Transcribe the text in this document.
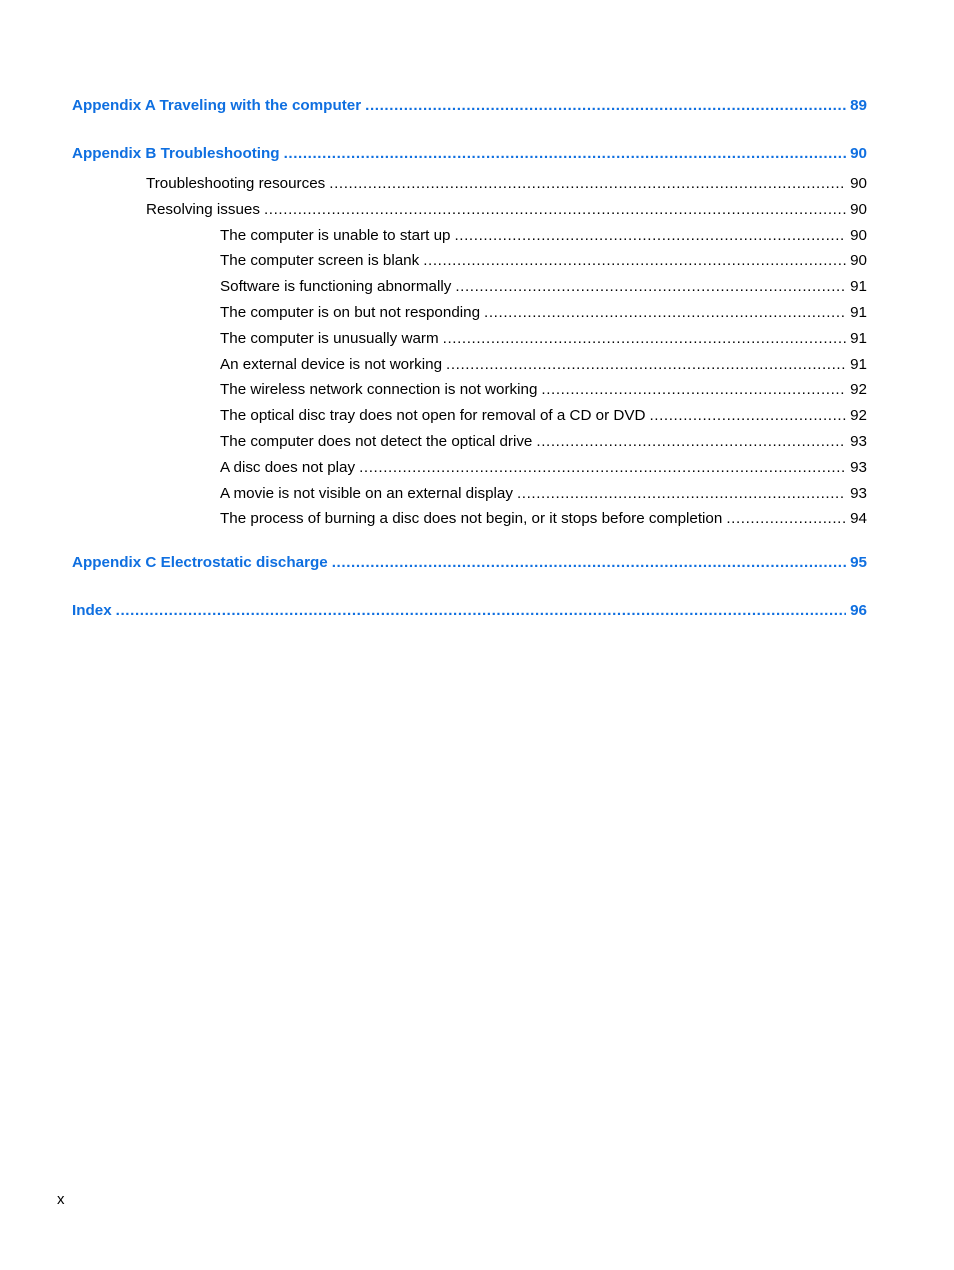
Appendix A Traveling with the computer .....	89
Appendix B Troubleshooting .....	90
Troubleshooting resources .....	90
Resolving issues .....	90
The computer is unable to start up .....	90
The computer screen is blank .....	90
Software is functioning abnormally .....	91
The computer is on but not responding .....	91
The computer is unusually warm .....	91
An external device is not working .....	91
The wireless network connection is not working .....	92
The optical disc tray does not open for removal of a CD or DVD .....	92
The computer does not detect the optical drive .....	93
A disc does not play .....	93
A movie is not visible on an external display .....	93
The process of burning a disc does not begin, or it stops before completion .....	94
Appendix C Electrostatic discharge .....	95
Index .....	96
x
